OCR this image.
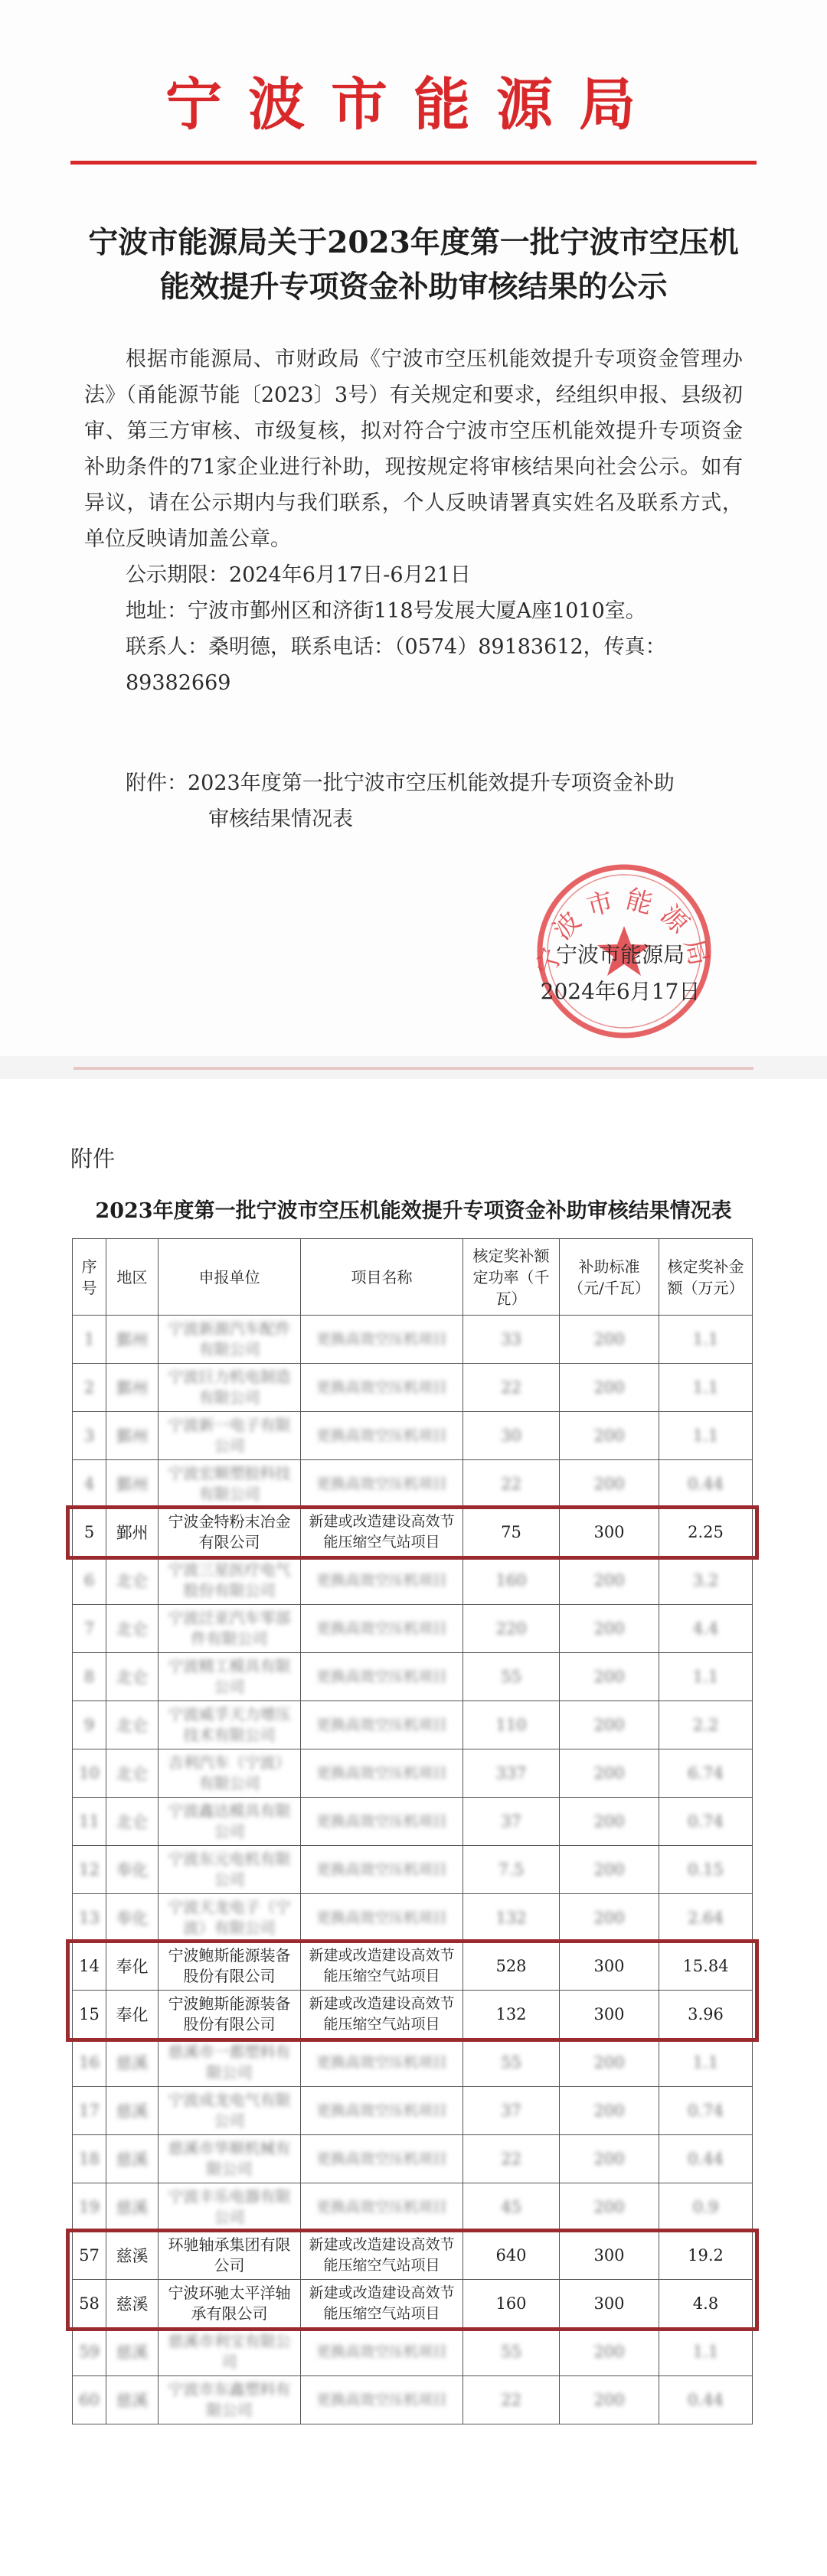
宁波市能源局
宁波市能源局关于2023年度第一批宁波市空压机能效提升专项资金补助审核结果的公示
根据市能源局、市财政局《宁波市空压机能效提升专项资金管理办法》（甬能源节能〔2023〕3号）有关规定和要求，经组织申报、县级初审、第三方审核、市级复核，拟对符合宁波市空压机能效提升专项资金补助条件的71家企业进行补助，现按规定将审核结果向社会公示。如有异议，请在公示期内与我们联系，个人反映请署真实姓名及联系方式，单位反映请加盖公章。
公示期限：2024年6月17日-6月21日
地址：宁波市鄞州区和济街118号发展大厦A座1010室。
联系人：桑明德，联系电话：（0574）89183612，传真：89382669
附件：2023年度第一批宁波市空压机能效提升专项资金补助
审核结果情况表
宁波市能源局
宁波市能源局
2024年6月17日
附件
2023年度第一批宁波市空压机能效提升专项资金补助审核结果情况表
序号	地区	申报单位	项目名称	核定奖补额定功率（千瓦）	补助标准（元/千瓦）	核定奖补金额（万元）
1	鄞州	宁波新源汽车配件有限公司	更换高效空压机项目	33	200	1.1
2	鄞州	宁波巨力机电制造有限公司	更换高效空压机项目	22	200	1.1
3	鄞州	宁波新一电子有限公司	更换高效空压机项目	30	200	1.1
4	鄞州	宁波宏顺塑胶科技有限公司	更换高效空压机项目	22	200	0.44
5	鄞州	宁波金特粉末冶金有限公司	新建或改造建设高效节能压缩空气站项目	75	300	2.25
6	北仑	宁波三星医疗电气股份有限公司	更换高效空压机项目	160	200	3.2
7	北仑	宁波泛亚汽车零部件有限公司	更换高效空压机项目	220	200	4.4
8	北仑	宁波精工模具有限公司	更换高效空压机项目	55	200	1.1
9	北仑	宁波威孚天力增压技术有限公司	更换高效空压机项目	110	200	2.2
10	北仑	吉利汽车（宁波）有限公司	更换高效空压机项目	337	200	6.74
11	北仑	宁波鑫达模具有限公司	更换高效空压机项目	37	200	0.74
12	奉化	宁波东元电机有限公司	更换高效空压机项目	7.5	200	0.15
13	奉化	宁波天龙电子（宁波）有限公司	更换高效空压机项目	132	200	2.64
14	奉化	宁波鲍斯能源装备股份有限公司	新建或改造建设高效节能压缩空气站项目	528	300	15.84
15	奉化	宁波鲍斯能源装备股份有限公司	新建或改造建设高效节能压缩空气站项目	132	300	3.96
16	慈溪	慈溪市一都塑料有限公司	更换高效空压机项目	55	200	1.1
17	慈溪	宁波成龙电气有限公司	更换高效空压机项目	37	200	0.74
18	慈溪	慈溪市华顺机械有限公司	更换高效空压机项目	22	200	0.44
19	慈溪	宁波丰乐电器有限公司	更换高效空压机项目	45	200	0.9
57	慈溪	环驰轴承集团有限公司	新建或改造建设高效节能压缩空气站项目	640	300	19.2
58	慈溪	宁波环驰太平洋轴承有限公司	新建或改造建设高效节能压缩空气站项目	160	300	4.8
59	慈溪	慈溪市利宝有限公司	更换高效空压机项目	55	200	1.1
60	慈溪	宁波市东鑫塑料有限公司	更换高效空压机项目	22	200	0.44
